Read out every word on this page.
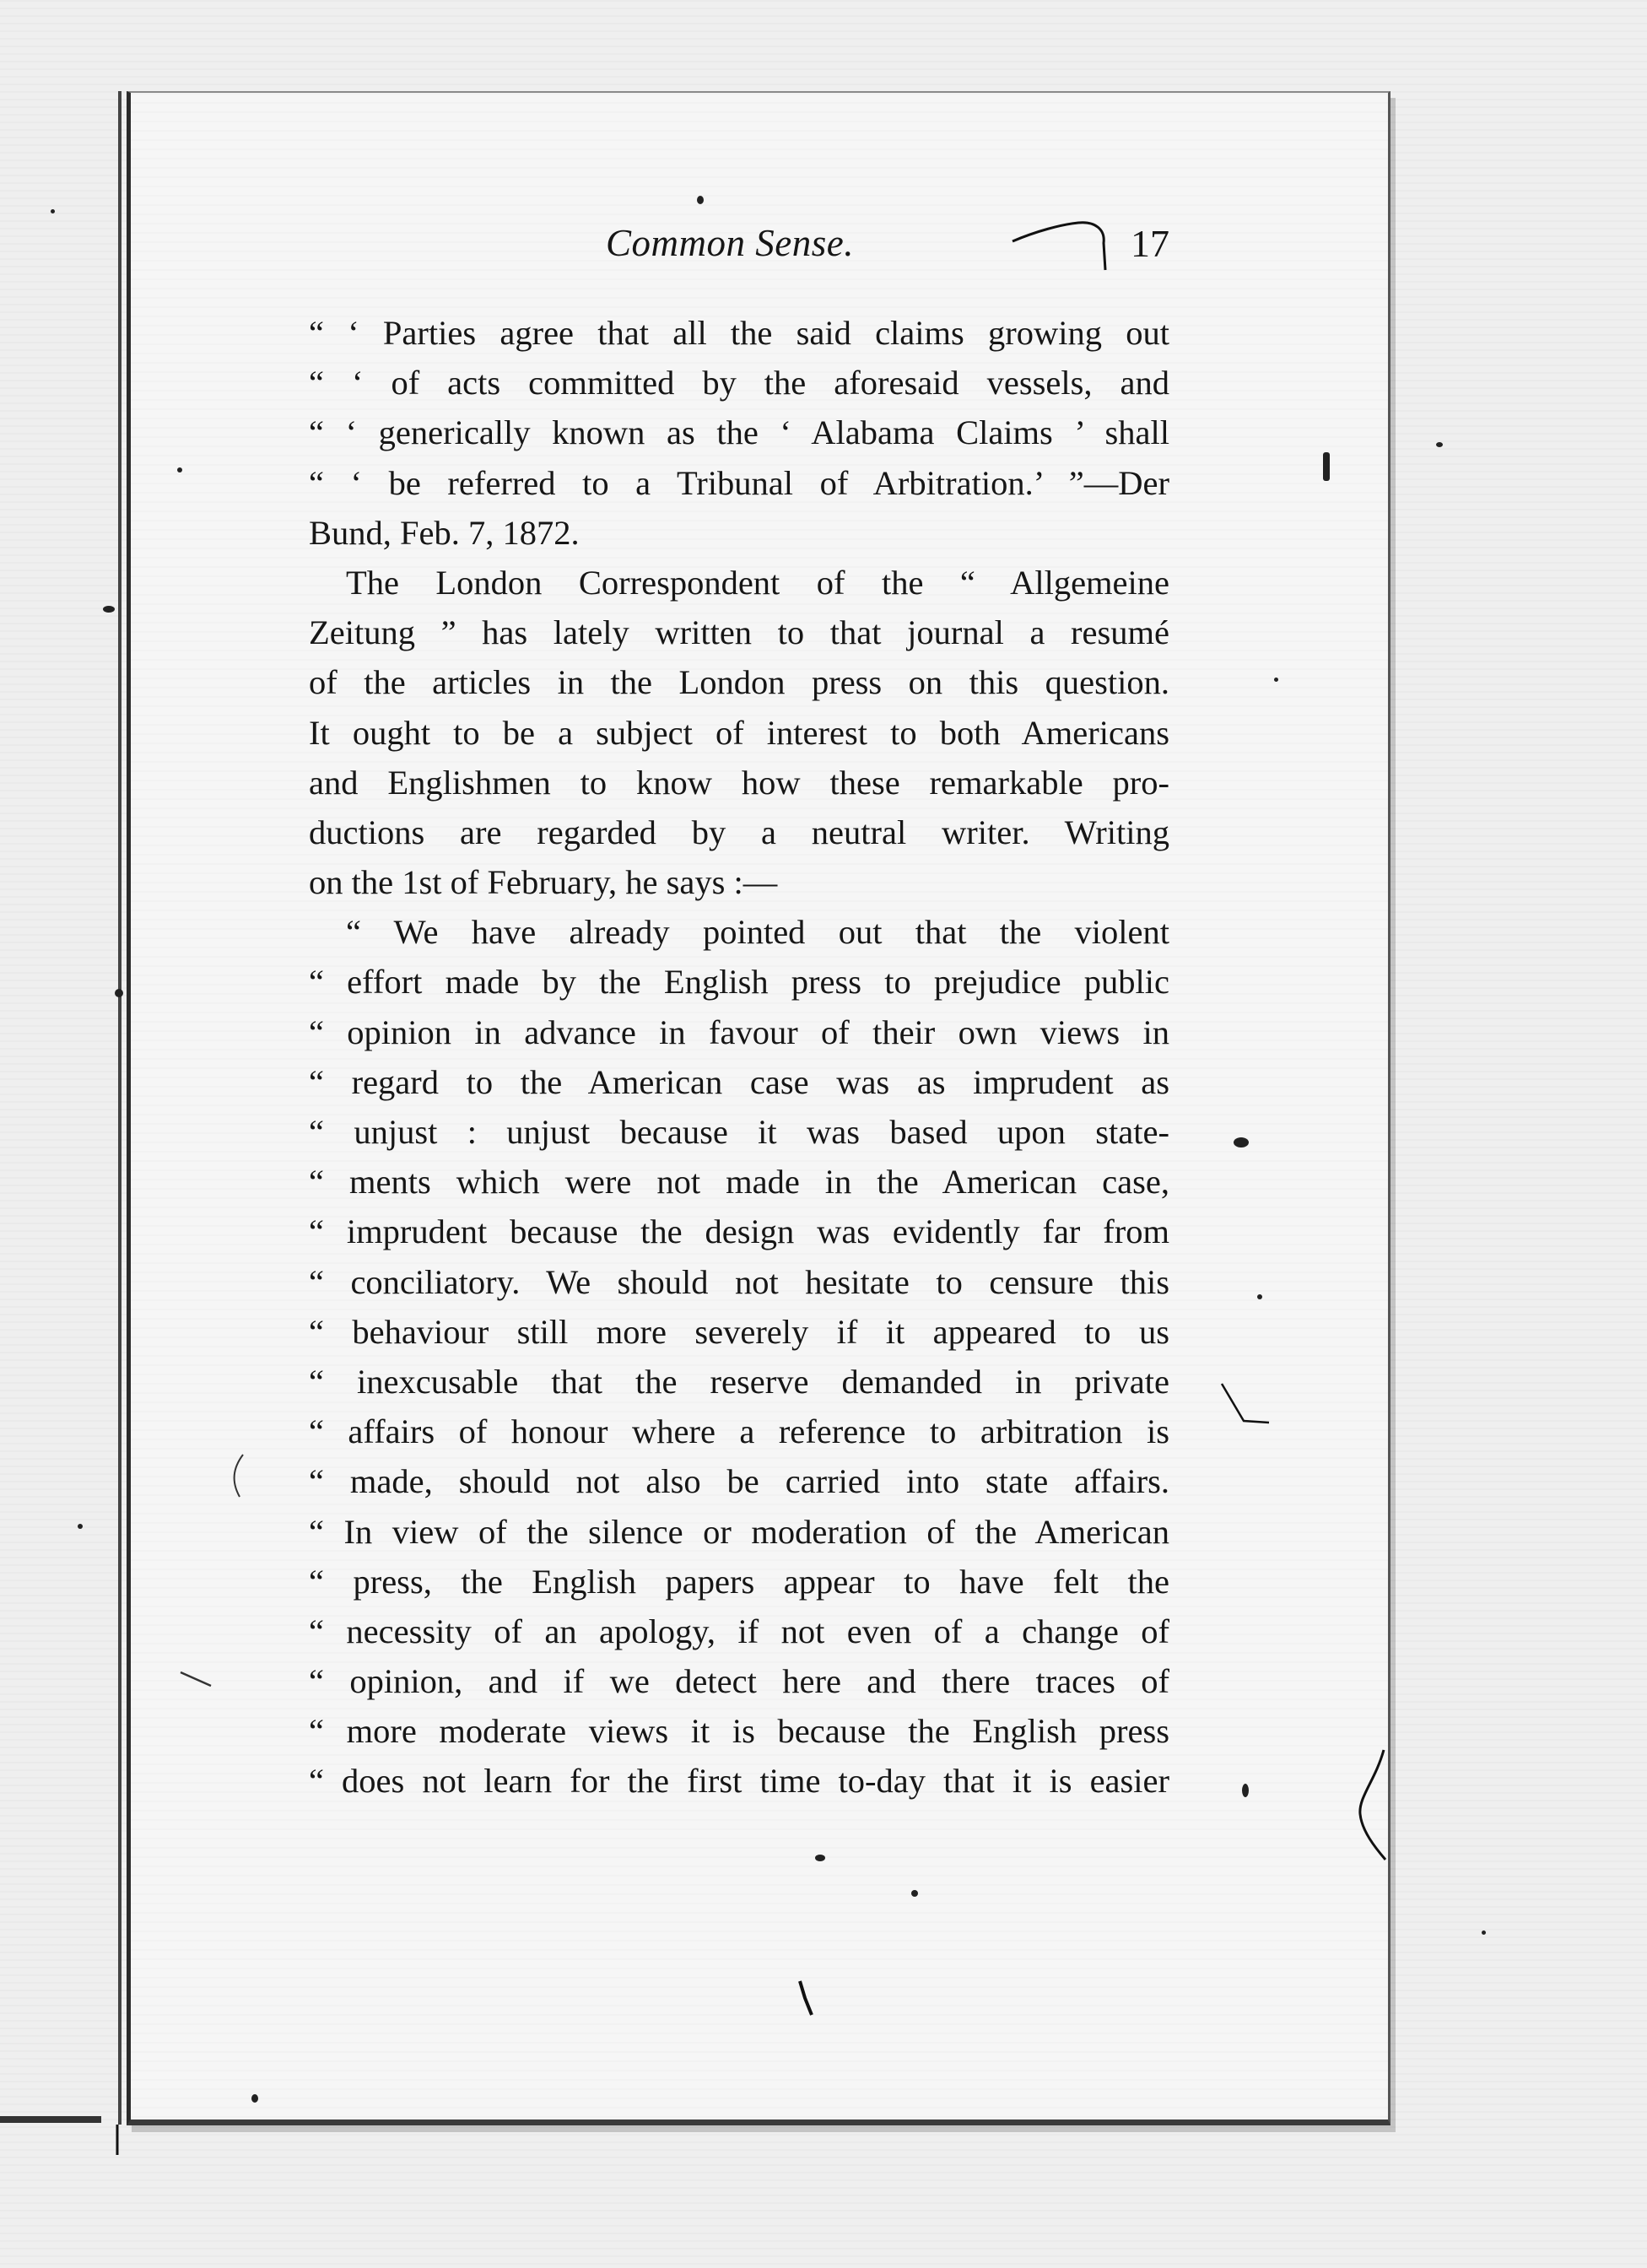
Common Sense.	17
“ ‘ Parties agree that all the said claims growing out
“ ‘ of acts committed by the aforesaid vessels, and
“ ‘ generically known as the ‘ Alabama Claims ’ shall
“ ‘ be referred to a Tribunal of Arbitration.’ ”—Der
Bund, Feb. 7, 1872.
The London Correspondent of the “ Allgemeine
Zeitung ” has lately written to that journal a resumé
of the articles in the London press on this question.
It ought to be a subject of interest to both Americans
and Englishmen to know how these remarkable pro-
ductions are regarded by a neutral writer. Writing
on the 1st of February, he says :—
“ We have already pointed out that the violent
“ effort made by the English press to prejudice public
“ opinion in advance in favour of their own views in
“ regard to the American case was as imprudent as
“ unjust : unjust because it was based upon state-
“ ments which were not made in the American case,
“ imprudent because the design was evidently far from
“ conciliatory. We should not hesitate to censure this
“ behaviour still more severely if it appeared to us
“ inexcusable that the reserve demanded in private
“ affairs of honour where a reference to arbitration is
“ made, should not also be carried into state affairs.
“ In view of the silence or moderation of the American
“ press, the English papers appear to have felt the
“ necessity of an apology, if not even of a change of
“ opinion, and if we detect here and there traces of
“ more moderate views it is because the English press
“ does not learn for the first time to-day that it is easier
